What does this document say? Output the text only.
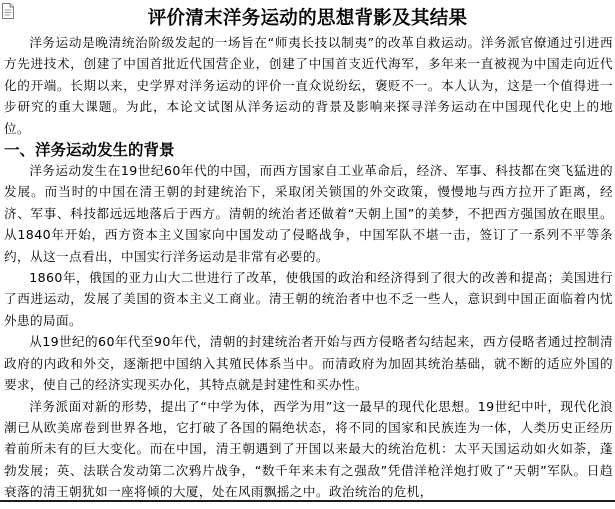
评价清末洋务运动的思想背影及其结果

洋务运动是晚清统治阶级发起的一场旨在“师夷长技以制夷”的改革自救运动。洋务派官僚通过引进西方先进技术，创建了中国首批近代国营企业，创建了中国首支近代海军，多年来一直被视为中国走向近代化的开端。长期以来，史学界对洋务运动的评价一直众说纷纭，褒贬不一。本人认为，这是一个值得进一步研究的重大课题。为此，本论文试图从洋务运动的背景及影响来探寻洋务运动在中国现代化史上的地位。

一、洋务运动发生的背景

洋务运动发生在19世纪60年代的中国，而西方国家自工业革命后，经济、军事、科技都在突飞猛进的发展。而当时的中国在清王朝的封建统治下，采取闭关锁国的外交政策，慢慢地与西方拉开了距离，经济、军事、科技都远远地落后于西方。清朝的统治者还做着“天朝上国”的美梦，不把西方强国放在眼里。从1840年开始，西方资本主义国家向中国发动了侵略战争，中国军队不堪一击，签订了一系列不平等条约，从这一点看出，中国实行洋务运动是非常有必要的。

1860年，俄国的亚力山大二世进行了改革，使俄国的政治和经济得到了很大的改善和提高；美国进行了西进运动，发展了美国的资本主义工商业。清王朝的统治者中也不乏一些人，意识到中国正面临着内忧外患的局面。

从19世纪的60年代至90年代，清朝的封建统治者开始与西方侵略者勾结起来，西方侵略者通过控制清政府的内政和外交，逐渐把中国纳入其殖民体系当中。而清政府为加固其统治基础，就不断的适应外国的要求，使自己的经济实现买办化，其特点就是封建性和买办性。

洋务派面对新的形势，提出了“中学为体，西学为用”这一最早的现代化思想。19世纪中叶，现代化浪潮已从欧美席卷到世界各地，它打破了各国的隔绝状态，将不同的国家和民族连为一体，人类历史正经历着前所未有的巨大变化。而在中国，清王朝遇到了开国以来最大的统治危机：太平天国运动如火如荼，蓬勃发展；英、法联合发动第二次鸦片战争，“数千年来未有之强敌”凭借洋枪洋炮打败了“天朝”军队。日趋衰落的清王朝犹如一座将倾的大厦，处在风雨飘摇之中。政治统治的危机，
